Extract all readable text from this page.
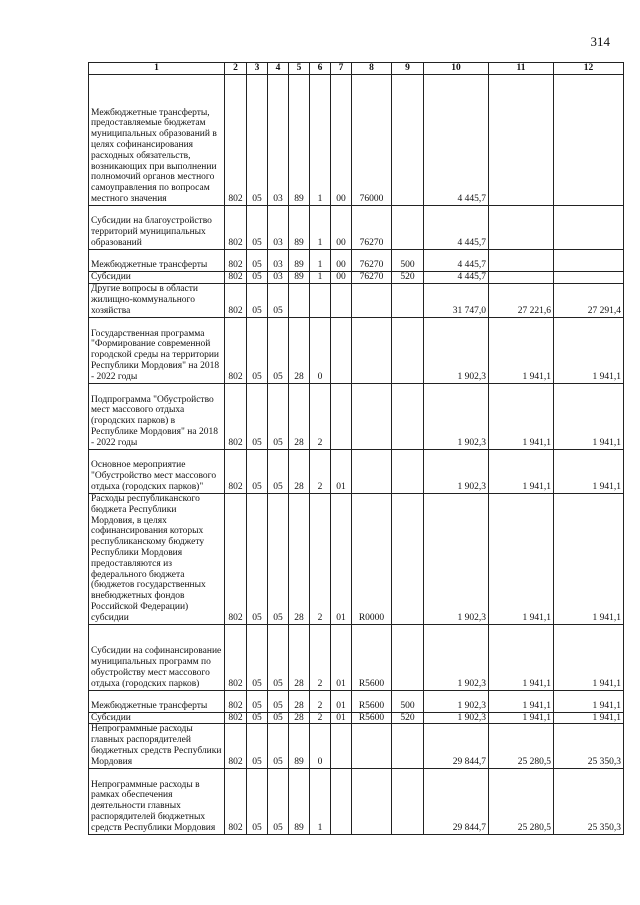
314
1	2	3	4	5	6	7	8	9	10	11	12
Межбюджетные трансферты, предоставляемые бюджетам муниципальных образований в целях софинансирования расходных обязательств, возникающих при выполнении полномочий органов местного самоуправления по вопросам местного значения	802	05	03	89	1	00	76000		4 445,7		
Субсидии на благоустройство территорий муниципальных образований	802	05	03	89	1	00	76270		4 445,7		
Межбюджетные трансферты	802	05	03	89	1	00	76270	500	4 445,7		
Субсидии	802	05	03	89	1	00	76270	520	4 445,7		
Другие вопросы в области жилищно-коммунального хозяйства	802	05	05						31 747,0	27 221,6	27 291,4
Государственная программа "Формирование современной городской среды на территории Республики Мордовия" на 2018 - 2022 годы	802	05	05	28	0				1 902,3	1 941,1	1 941,1
Подпрограмма "Обустройство мест массового отдыха (городских парков) в Республике Мордовия" на 2018 - 2022 годы	802	05	05	28	2				1 902,3	1 941,1	1 941,1
Основное мероприятие "Обустройство мест массового отдыха (городских парков)"	802	05	05	28	2	01			1 902,3	1 941,1	1 941,1
Расходы республиканского бюджета Республики Мордовия, в целях софинансирования которых республиканскому бюджету Республики Мордовия предоставляются из федерального бюджета (бюджетов государственных внебюджетных фондов Российской Федерации) субсидии	802	05	05	28	2	01	R0000		1 902,3	1 941,1	1 941,1
Субсидии на софинансирование муниципальных программ по обустройству мест массового отдыха (городских парков)	802	05	05	28	2	01	R5600		1 902,3	1 941,1	1 941,1
Межбюджетные трансферты	802	05	05	28	2	01	R5600	500	1 902,3	1 941,1	1 941,1
Субсидии	802	05	05	28	2	01	R5600	520	1 902,3	1 941,1	1 941,1
Непрограммные расходы главных распорядителей бюджетных средств Республики Мордовия	802	05	05	89	0				29 844,7	25 280,5	25 350,3
Непрограммные расходы в рамках обеспечения деятельности главных распорядителей бюджетных средств Республики Мордовия	802	05	05	89	1				29 844,7	25 280,5	25 350,3
